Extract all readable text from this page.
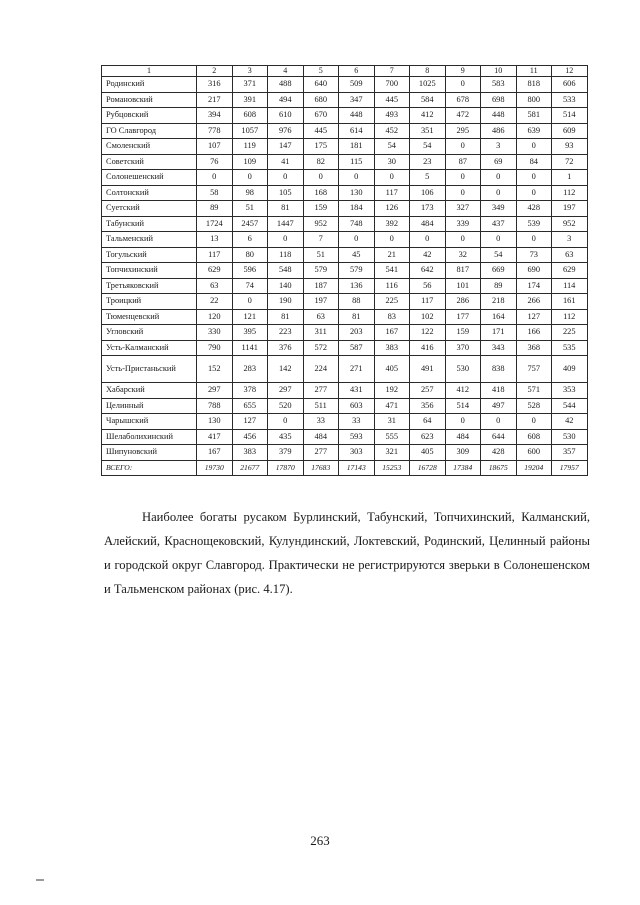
1	2	3	4	5	6	7	8	9	10	11	12
Родинский	316	371	488	640	509	700	1025	0	583	818	606
Романовский	217	391	494	680	347	445	584	678	698	800	533
Рубцовский	394	608	610	670	448	493	412	472	448	581	514
ГО Славгород	778	1057	976	445	614	452	351	295	486	639	609
Смоленский	107	119	147	175	181	54	54	0	3	0	93
Советский	76	109	41	82	115	30	23	87	69	84	72
Солонешенский	0	0	0	0	0	0	5	0	0	0	1
Солтонский	58	98	105	168	130	117	106	0	0	0	112
Суетский	89	51	81	159	184	126	173	327	349	428	197
Табунский	1724	2457	1447	952	748	392	484	339	437	539	952
Тальменский	13	6	0	7	0	0	0	0	0	0	3
Тогульский	117	80	118	51	45	21	42	32	54	73	63
Топчихинский	629	596	548	579	579	541	642	817	669	690	629
Третьяковский	63	74	140	187	136	116	56	101	89	174	114
Троицкий	22	0	190	197	88	225	117	286	218	266	161
Тюменцевский	120	121	81	63	81	83	102	177	164	127	112
Угловский	330	395	223	311	203	167	122	159	171	166	225
Усть-Калманский	790	1141	376	572	587	383	416	370	343	368	535
Усть-Пристаньский	152	283	142	224	271	405	491	530	838	757	409
Хабарский	297	378	297	277	431	192	257	412	418	571	353
Целинный	788	655	520	511	603	471	356	514	497	528	544
Чарышский	130	127	0	33	33	31	64	0	0	0	42
Шелаболихинский	417	456	435	484	593	555	623	484	644	608	530
Шипуновский	167	383	379	277	303	321	405	309	428	600	357
ВСЕГО:	19730	21677	17870	17683	17143	15253	16728	17384	18675	19204	17957

Наиболее богаты русаком Бурлинский, Табунский, Топчихинский, Калманский, Алейский, Краснощековский, Кулундинский, Локтевский, Родинский, Целинный районы и городской округ Славгород. Практически не регистрируются зверьки в Солонешенском и Тальменском районах (рис. 4.17).

263
